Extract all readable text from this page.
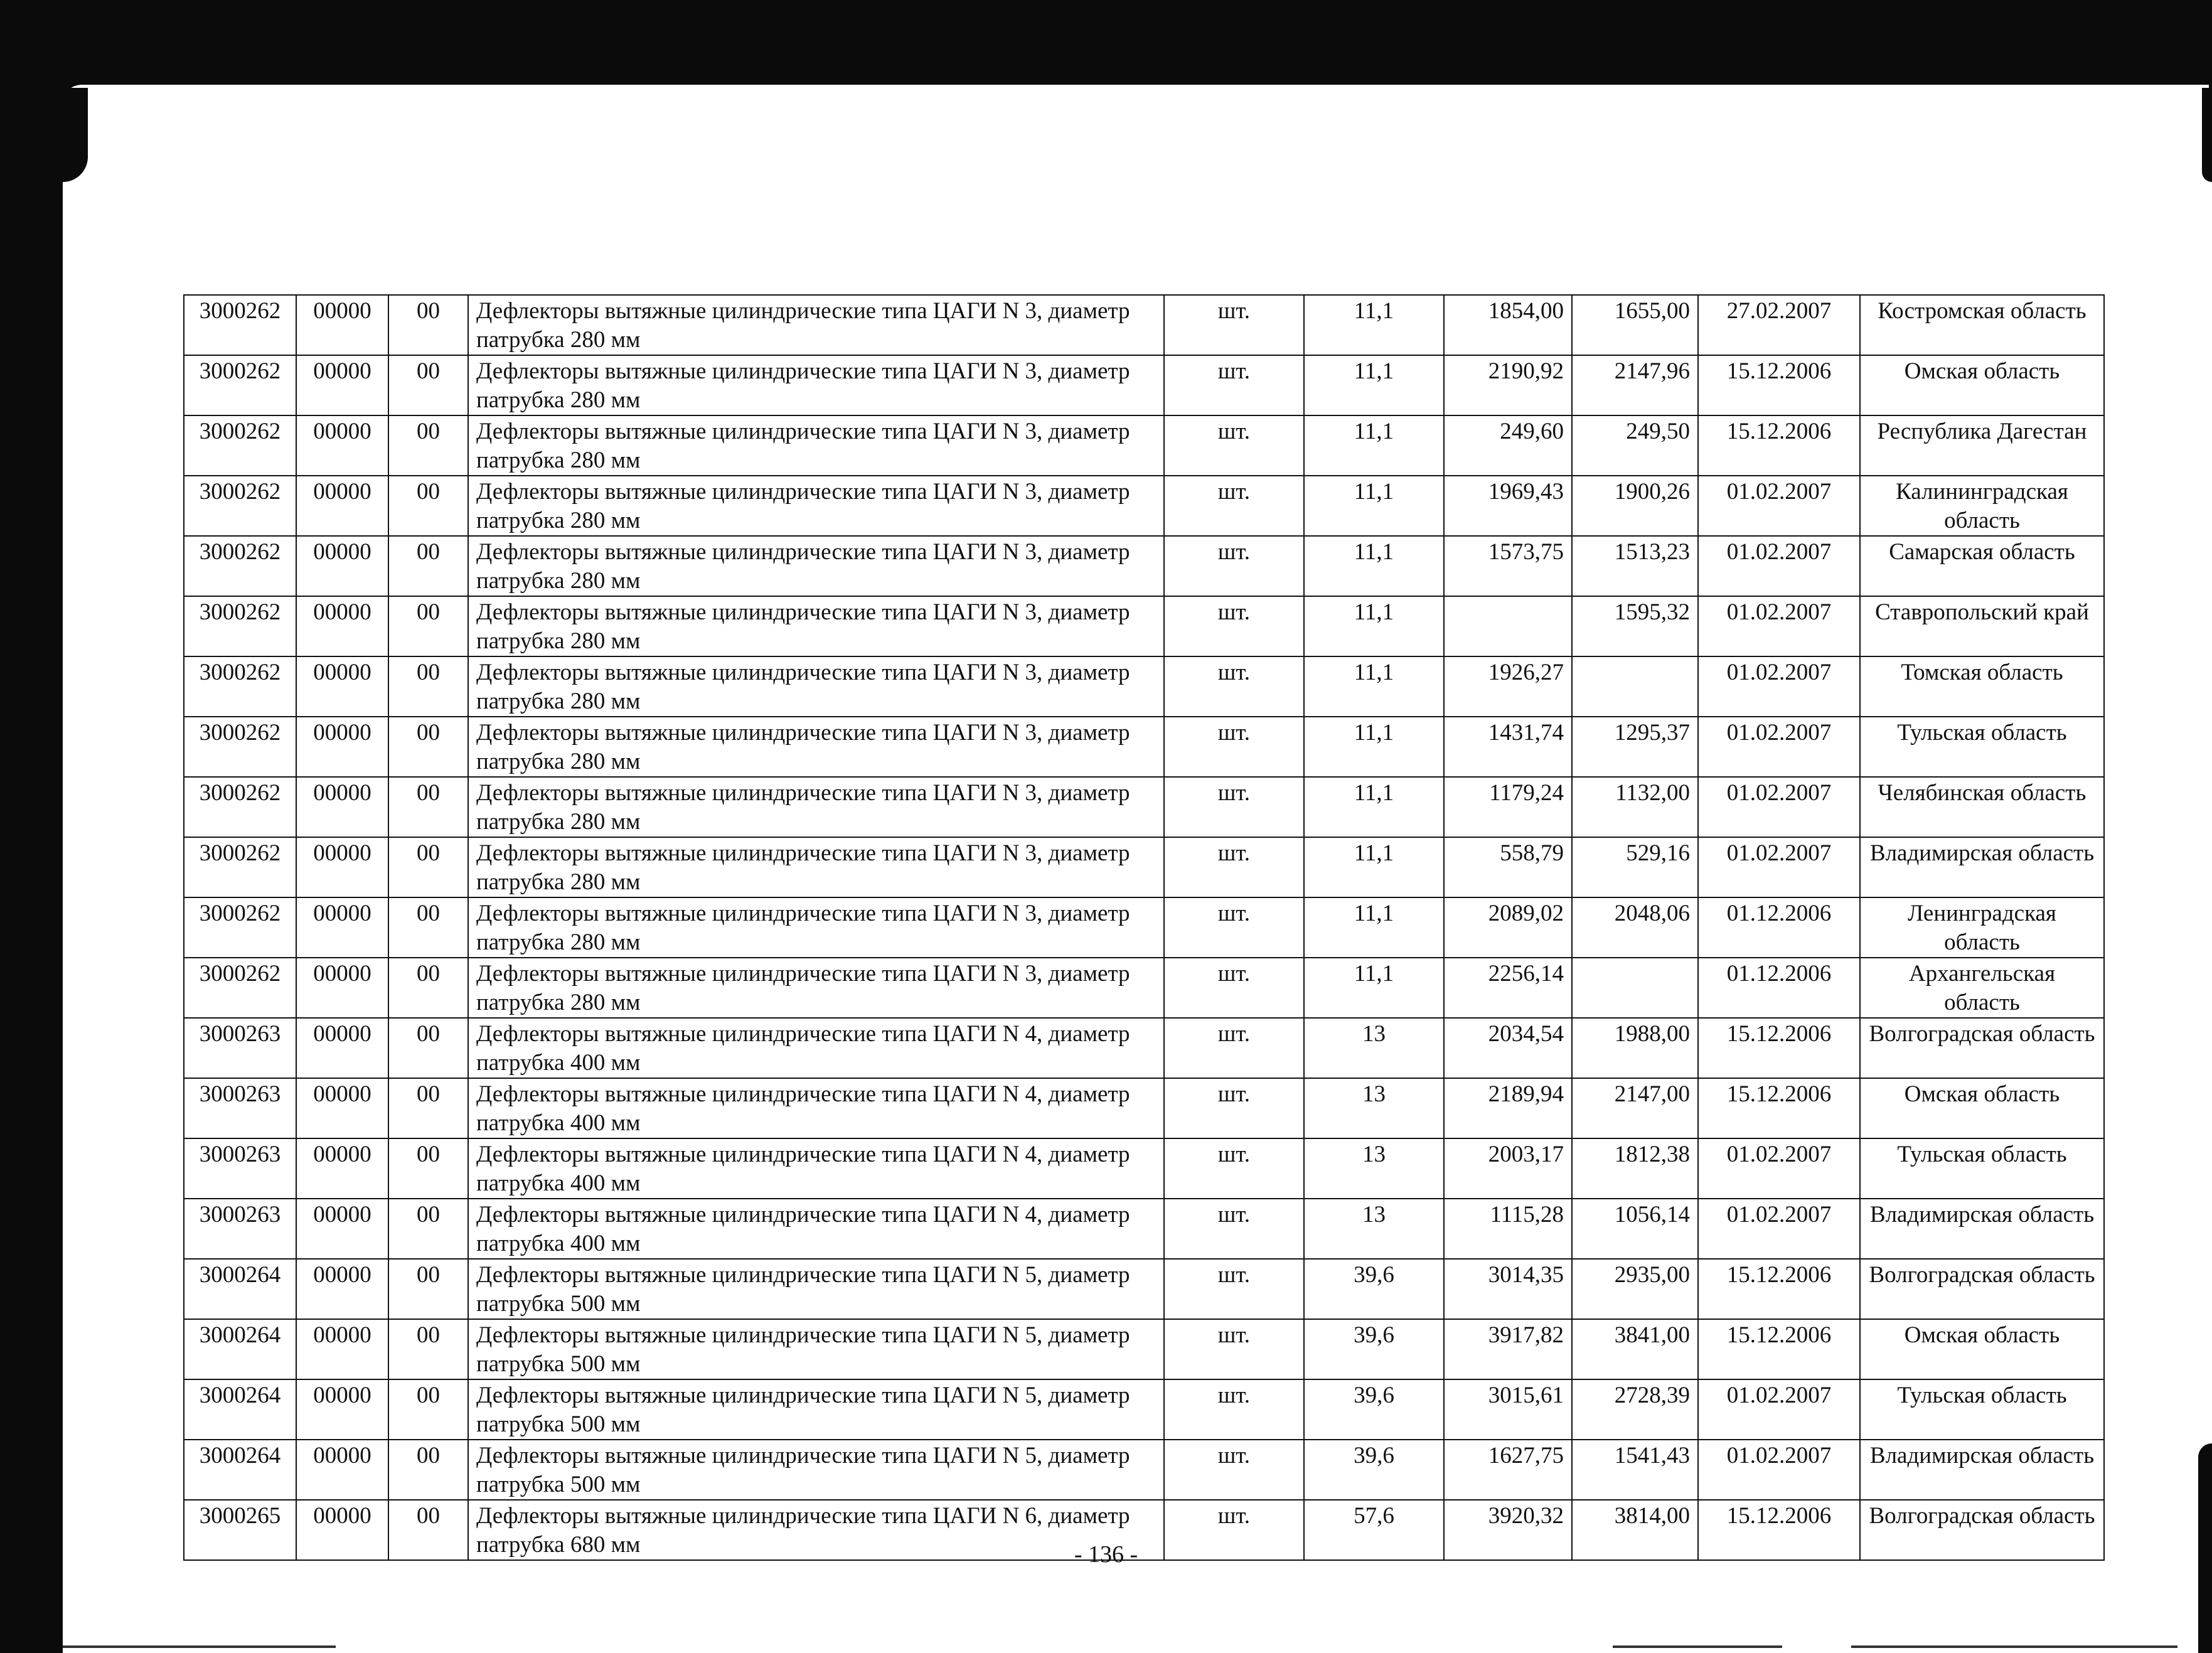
3000262	00000	00	Дефлекторы вытяжные цилиндрические типа ЦАГИ N 3, диаметр патрубка 280 мм	шт.	11,1	1854,00	1655,00	27.02.2007	Костромская область
3000262	00000	00	Дефлекторы вытяжные цилиндрические типа ЦАГИ N 3, диаметр патрубка 280 мм	шт.	11,1	2190,92	2147,96	15.12.2006	Омская область
3000262	00000	00	Дефлекторы вытяжные цилиндрические типа ЦАГИ N 3, диаметр патрубка 280 мм	шт.	11,1	249,60	249,50	15.12.2006	Республика Дагестан
3000262	00000	00	Дефлекторы вытяжные цилиндрические типа ЦАГИ N 3, диаметр патрубка 280 мм	шт.	11,1	1969,43	1900,26	01.02.2007	Калининградская область
3000262	00000	00	Дефлекторы вытяжные цилиндрические типа ЦАГИ N 3, диаметр патрубка 280 мм	шт.	11,1	1573,75	1513,23	01.02.2007	Самарская область
3000262	00000	00	Дефлекторы вытяжные цилиндрические типа ЦАГИ N 3, диаметр патрубка 280 мм	шт.	11,1		1595,32	01.02.2007	Ставропольский край
3000262	00000	00	Дефлекторы вытяжные цилиндрические типа ЦАГИ N 3, диаметр патрубка 280 мм	шт.	11,1	1926,27		01.02.2007	Томская область
3000262	00000	00	Дефлекторы вытяжные цилиндрические типа ЦАГИ N 3, диаметр патрубка 280 мм	шт.	11,1	1431,74	1295,37	01.02.2007	Тульская область
3000262	00000	00	Дефлекторы вытяжные цилиндрические типа ЦАГИ N 3, диаметр патрубка 280 мм	шт.	11,1	1179,24	1132,00	01.02.2007	Челябинская область
3000262	00000	00	Дефлекторы вытяжные цилиндрические типа ЦАГИ N 3, диаметр патрубка 280 мм	шт.	11,1	558,79	529,16	01.02.2007	Владимирская область
3000262	00000	00	Дефлекторы вытяжные цилиндрические типа ЦАГИ N 3, диаметр патрубка 280 мм	шт.	11,1	2089,02	2048,06	01.12.2006	Ленинградская область
3000262	00000	00	Дефлекторы вытяжные цилиндрические типа ЦАГИ N 3, диаметр патрубка 280 мм	шт.	11,1	2256,14		01.12.2006	Архангельская область
3000263	00000	00	Дефлекторы вытяжные цилиндрические типа ЦАГИ N 4, диаметр патрубка 400 мм	шт.	13	2034,54	1988,00	15.12.2006	Волгоградская область
3000263	00000	00	Дефлекторы вытяжные цилиндрические типа ЦАГИ N 4, диаметр патрубка 400 мм	шт.	13	2189,94	2147,00	15.12.2006	Омская область
3000263	00000	00	Дефлекторы вытяжные цилиндрические типа ЦАГИ N 4, диаметр патрубка 400 мм	шт.	13	2003,17	1812,38	01.02.2007	Тульская область
3000263	00000	00	Дефлекторы вытяжные цилиндрические типа ЦАГИ N 4, диаметр патрубка 400 мм	шт.	13	1115,28	1056,14	01.02.2007	Владимирская область
3000264	00000	00	Дефлекторы вытяжные цилиндрические типа ЦАГИ N 5, диаметр патрубка 500 мм	шт.	39,6	3014,35	2935,00	15.12.2006	Волгоградская область
3000264	00000	00	Дефлекторы вытяжные цилиндрические типа ЦАГИ N 5, диаметр патрубка 500 мм	шт.	39,6	3917,82	3841,00	15.12.2006	Омская область
3000264	00000	00	Дефлекторы вытяжные цилиндрические типа ЦАГИ N 5, диаметр патрубка 500 мм	шт.	39,6	3015,61	2728,39	01.02.2007	Тульская область
3000264	00000	00	Дефлекторы вытяжные цилиндрические типа ЦАГИ N 5, диаметр патрубка 500 мм	шт.	39,6	1627,75	1541,43	01.02.2007	Владимирская область
3000265	00000	00	Дефлекторы вытяжные цилиндрические типа ЦАГИ N 6, диаметр патрубка 680 мм	шт.	57,6	3920,32	3814,00	15.12.2006	Волгоградская область
- 136 -
